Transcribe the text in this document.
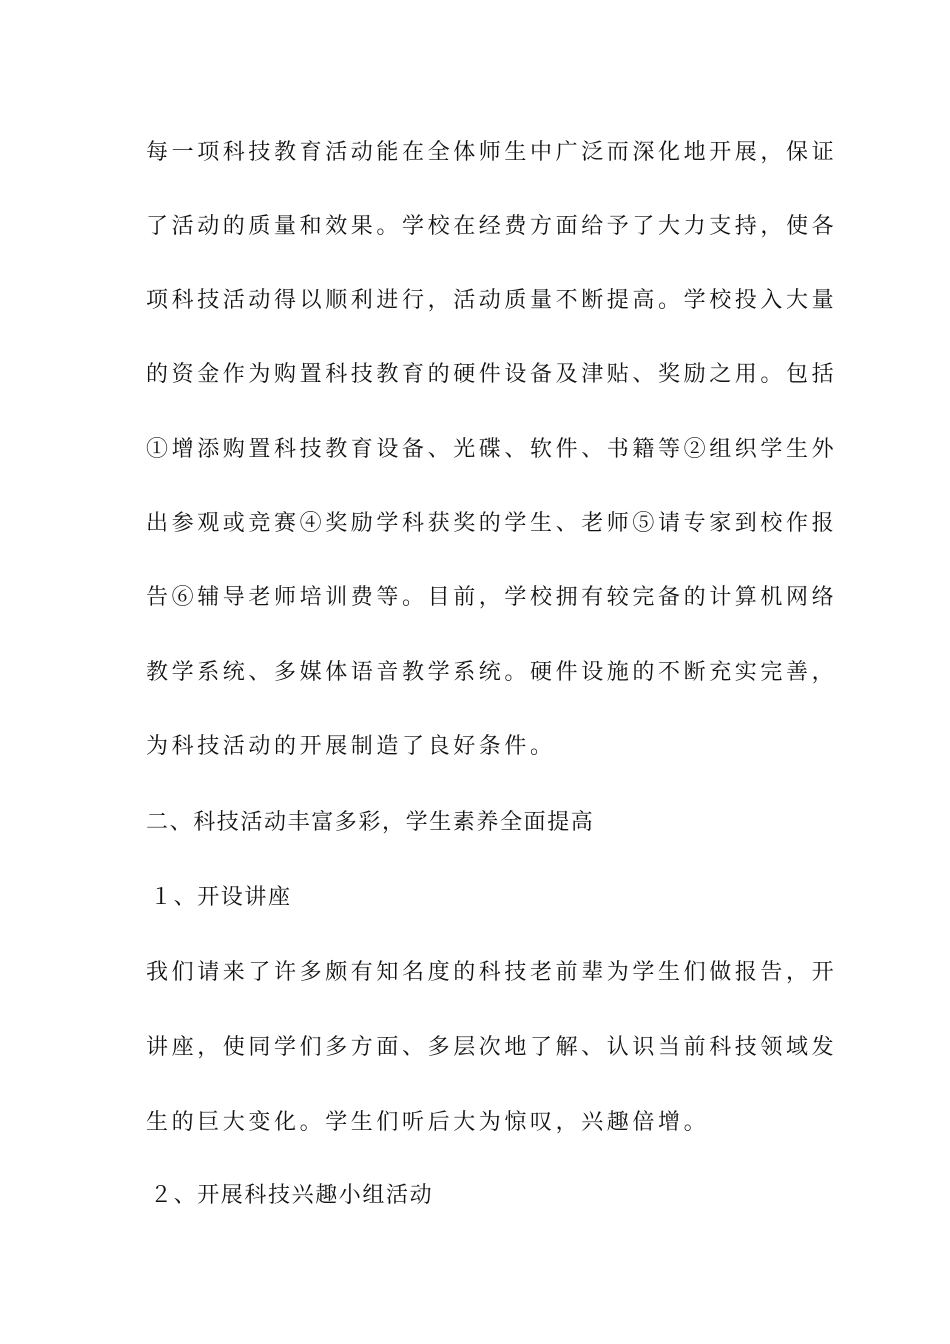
每一项科技教育活动能在全体师生中广泛而深化地开展，保证
了活动的质量和效果。学校在经费方面给予了大力支持，使各
项科技活动得以顺利进行，活动质量不断提高。学校投入大量
的资金作为购置科技教育的硬件设备及津贴、奖励之用。包括
①增添购置科技教育设备、光碟、软件、书籍等②组织学生外
出参观或竞赛④奖励学科获奖的学生、老师⑤请专家到校作报
告⑥辅导老师培训费等。目前，学校拥有较完备的计算机网络
教学系统、多媒体语音教学系统。硬件设施的不断充实完善，
为科技活动的开展制造了良好条件。
二、科技活动丰富多彩，学生素养全面提高
１、开设讲座
我们请来了许多颇有知名度的科技老前辈为学生们做报告，开
讲座，使同学们多方面、多层次地了解、认识当前科技领域发
生的巨大变化。学生们听后大为惊叹，兴趣倍增。
２、开展科技兴趣小组活动
